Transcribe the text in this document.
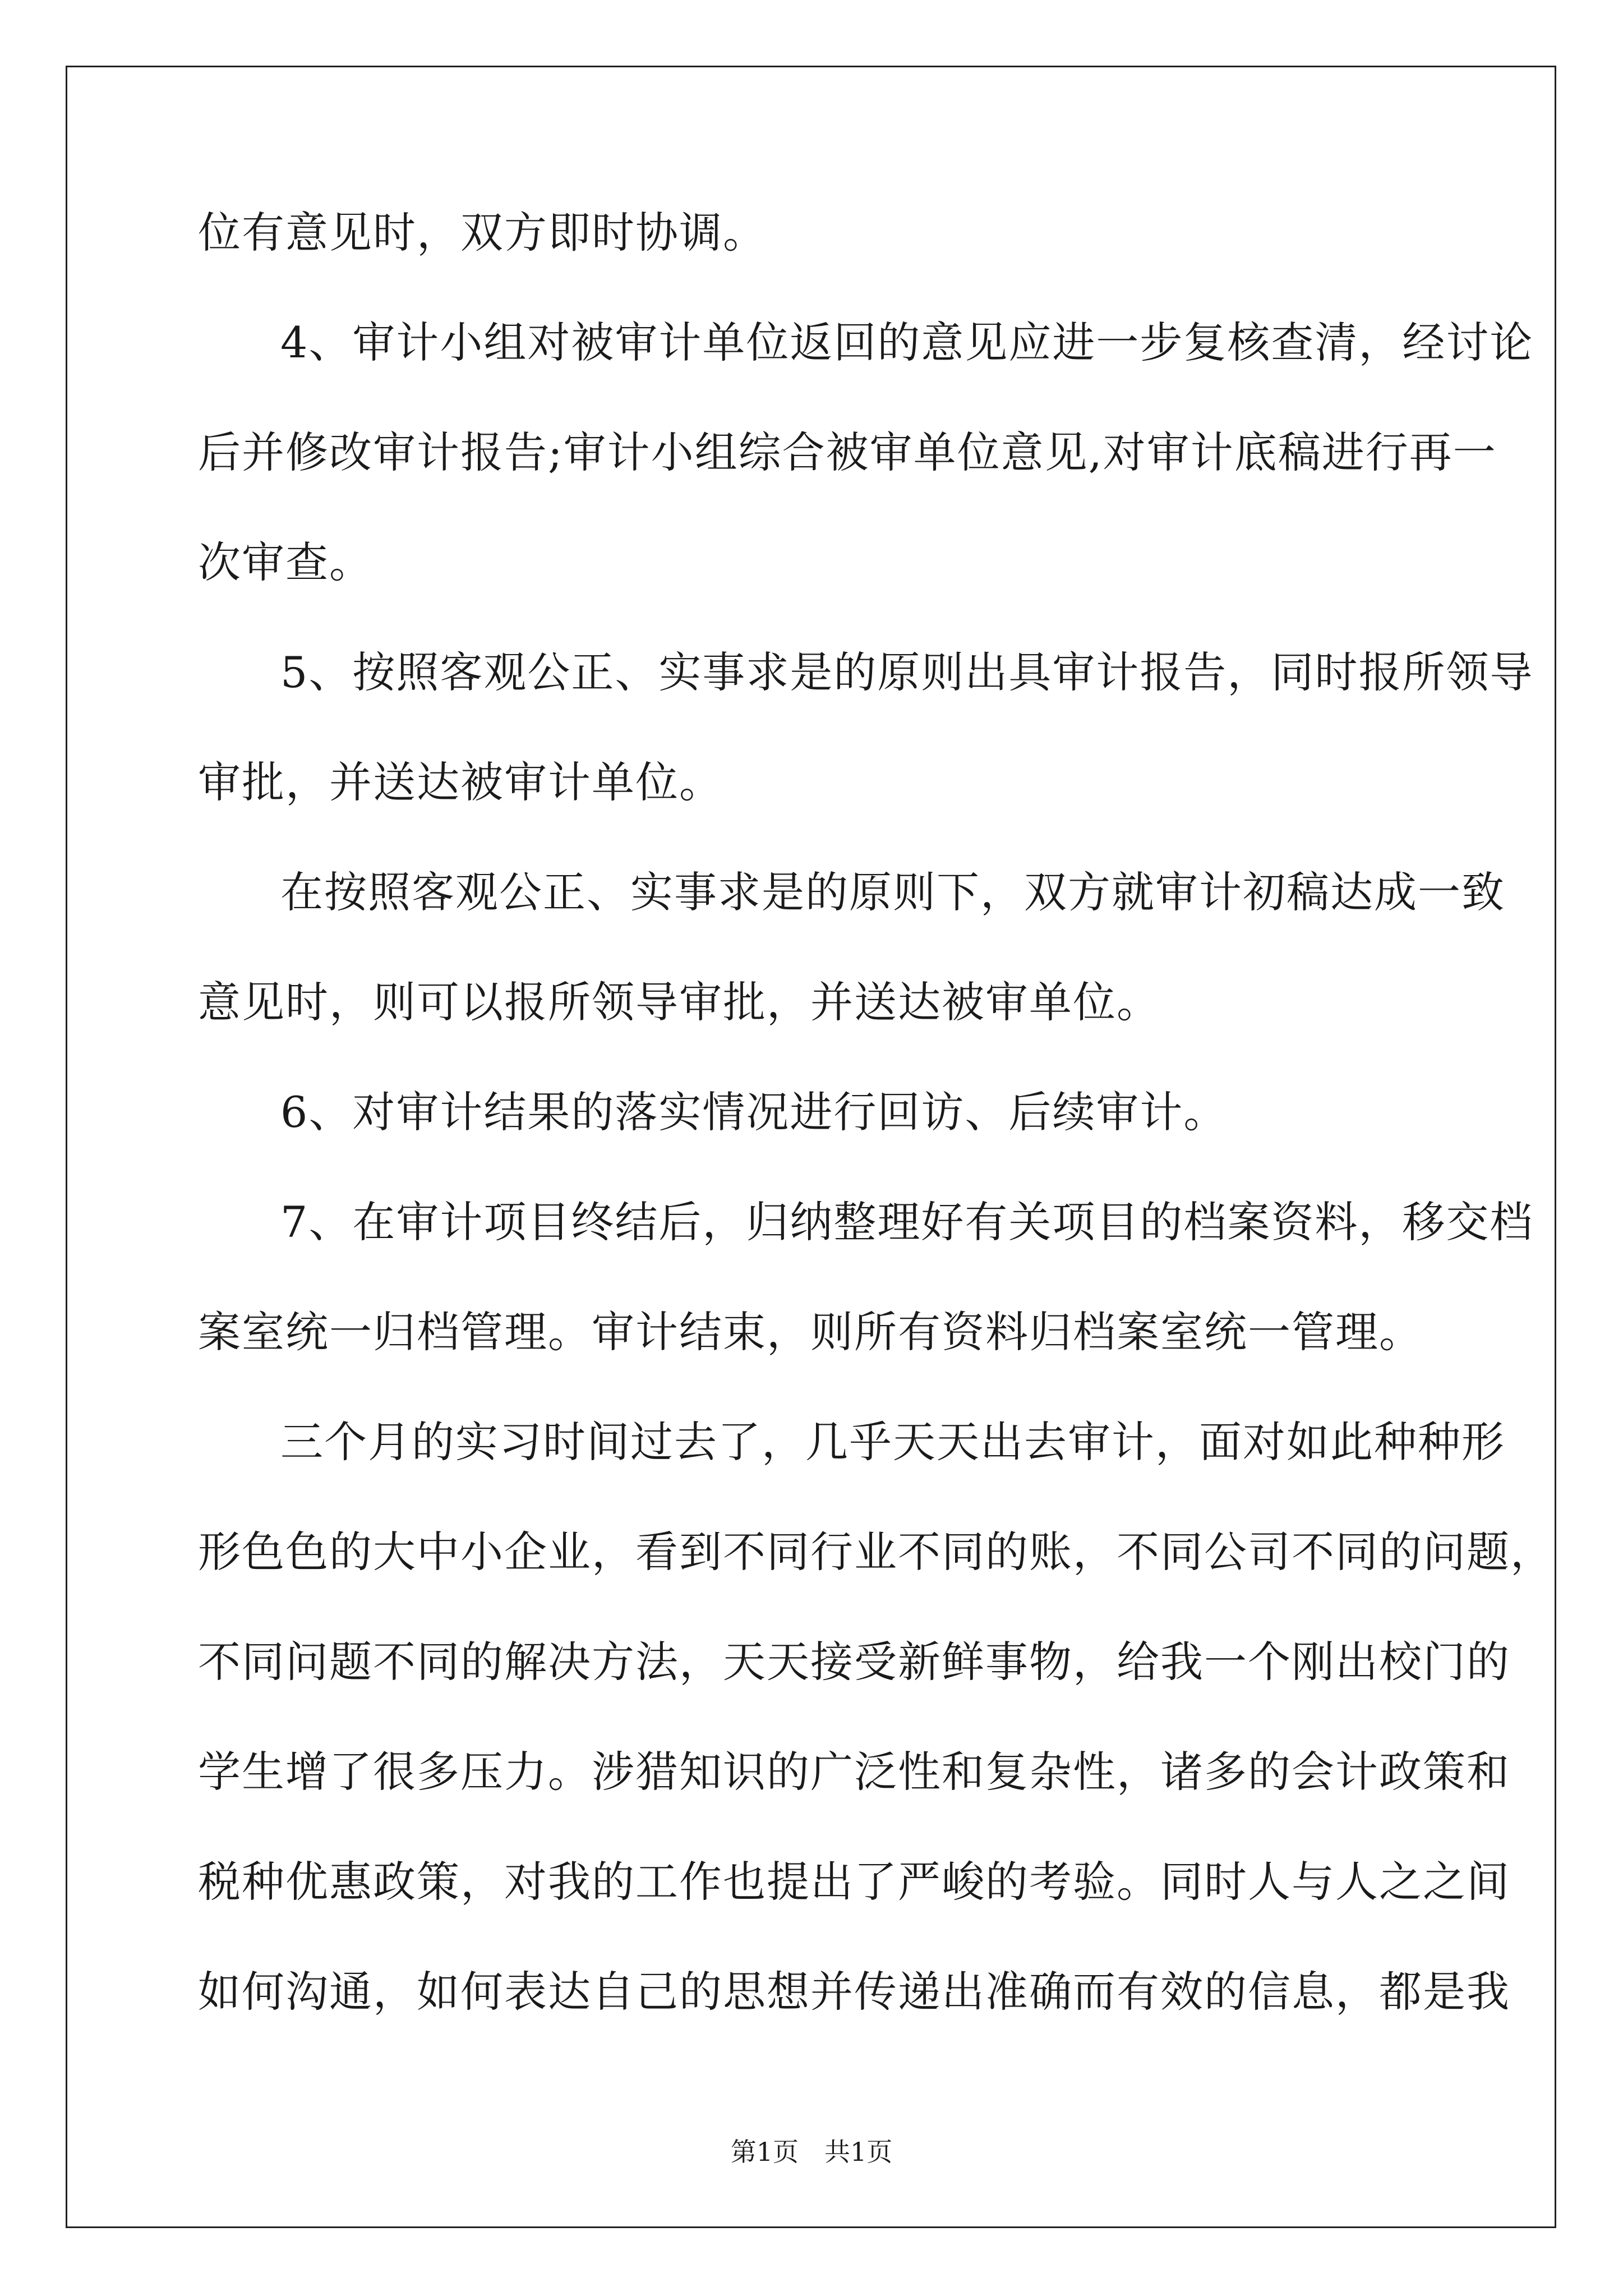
位有意见时，双方即时协调。

4、审计小组对被审计单位返回的意见应进一步复核查清，经讨论

后并修改审计报告;审计小组综合被审单位意见,对审计底稿进行再一

次审查。

5、按照客观公正、实事求是的原则出具审计报告，同时报所领导

审批，并送达被审计单位。

在按照客观公正、实事求是的原则下，双方就审计初稿达成一致

意见时，则可以报所领导审批，并送达被审单位。

6、对审计结果的落实情况进行回访、后续审计。

7、在审计项目终结后，归纳整理好有关项目的档案资料，移交档

案室统一归档管理。审计结束，则所有资料归档案室统一管理。

三个月的实习时间过去了，几乎天天出去审计，面对如此种种形

形色色的大中小企业，看到不同行业不同的账，不同公司不同的问题，

不同问题不同的解决方法，天天接受新鲜事物，给我一个刚出校门的

学生增了很多压力。涉猎知识的广泛性和复杂性，诸多的会计政策和

税种优惠政策，对我的工作也提出了严峻的考验。同时人与人之之间

如何沟通，如何表达自己的思想并传递出准确而有效的信息，都是我

第1页　共1页
